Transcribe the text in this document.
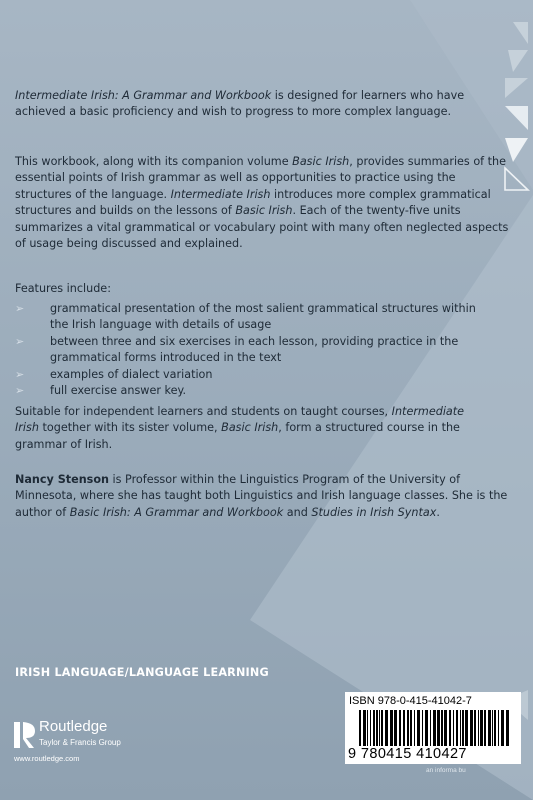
Intermediate Irish: A Grammar and Workbook is designed for learners who have achieved a basic proficiency and wish to progress to more complex language.

This workbook, along with its companion volume Basic Irish, provides summaries of the essential points of Irish grammar as well as opportunities to practice using the structures of the language. Intermediate Irish introduces more complex grammatical structures and builds on the lessons of Basic Irish. Each of the twenty-five units summarizes a vital grammatical or vocabulary point with many often neglected aspects of usage being discussed and explained.

Features include:
➢ grammatical presentation of the most salient grammatical structures within the Irish language with details of usage
➢ between three and six exercises in each lesson, providing practice in the grammatical forms introduced in the text
➢ examples of dialect variation
➢ full exercise answer key.

Suitable for independent learners and students on taught courses, Intermediate Irish together with its sister volume, Basic Irish, form a structured course in the grammar of Irish.

Nancy Stenson is Professor within the Linguistics Program of the University of Minnesota, where she has taught both Linguistics and Irish language classes. She is the author of Basic Irish: A Grammar and Workbook and Studies in Irish Syntax.

IRISH LANGUAGE/LANGUAGE LEARNING
Routledge
Taylor & Francis Group
www.routledge.com
ISBN 978-0-415-41042-7
9 780415 410427
an informa bu
